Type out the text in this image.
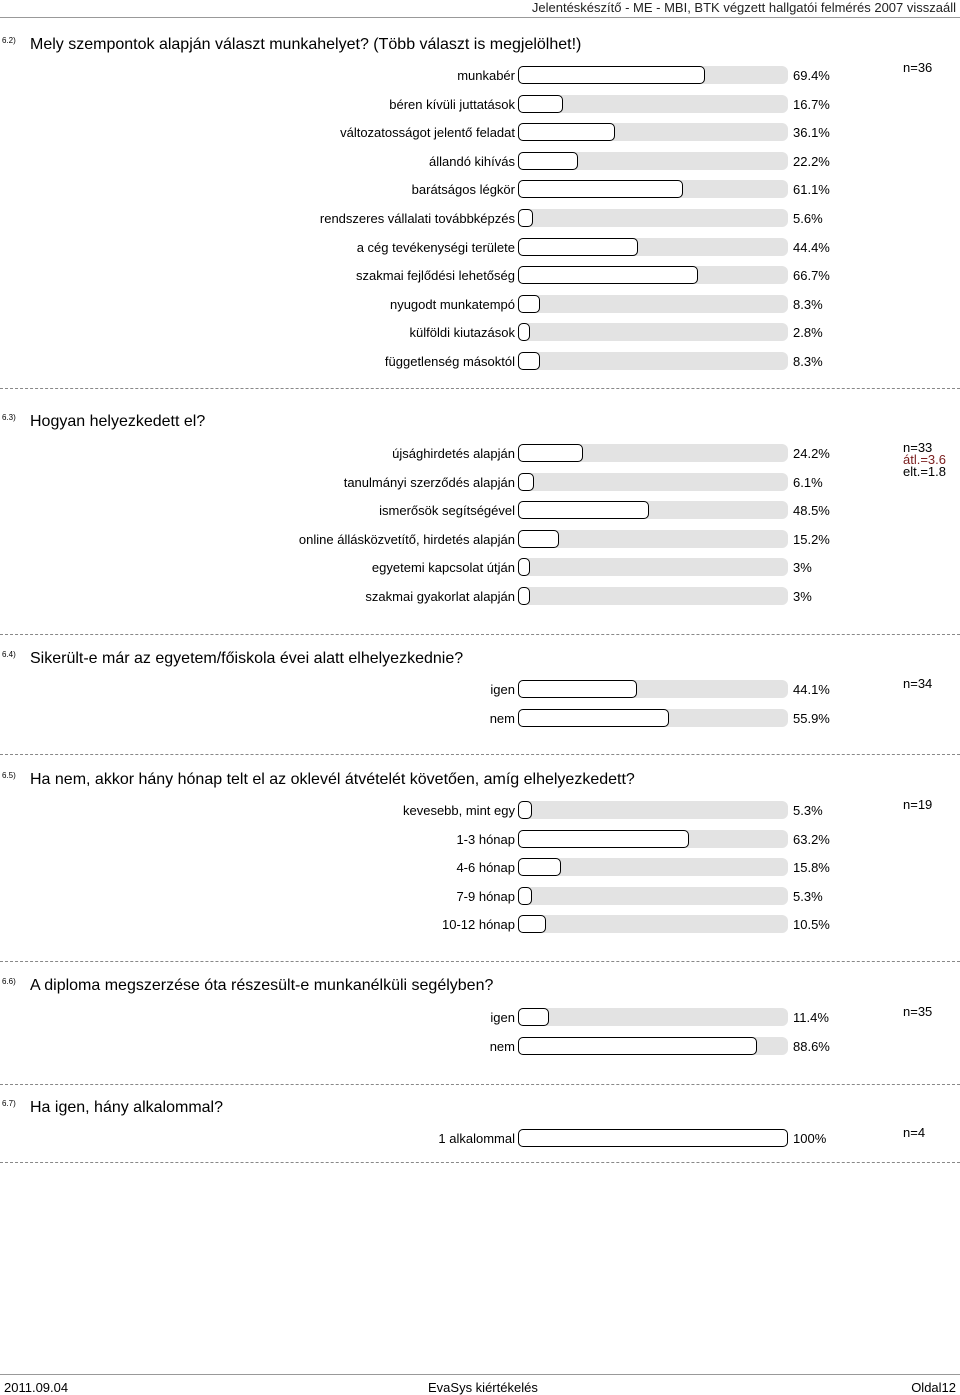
Jelentéskészítő - ME - MBI, BTK végzett hallgatói felmérés 2007 visszaáll
6.2) Mely szempontok alapján választ munkahelyet? (Több választ is megjelölhet!)
n=36
munkabér	69.4%
béren kívüli juttatások	16.7%
változatosságot jelentő feladat	36.1%
állandó kihívás	22.2%
barátságos légkör	61.1%
rendszeres vállalati továbbképzés	5.6%
a cég tevékenységi területe	44.4%
szakmai fejlődési lehetőség	66.7%
nyugodt munkatempó	8.3%
külföldi kiutazások	2.8%
függetlenség másoktól	8.3%
6.3) Hogyan helyezkedett el?
n=33
átl.=3.6
elt.=1.8
újsághirdetés alapján	24.2%
tanulmányi szerződés alapján	6.1%
ismerősök segítségével	48.5%
online állásközvetítő, hirdetés alapján	15.2%
egyetemi kapcsolat útján	3%
szakmai gyakorlat alapján	3%
6.4) Sikerült-e már az egyetem/főiskola évei alatt elhelyezkednie?
n=34
igen	44.1%
nem	55.9%
6.5) Ha nem, akkor hány hónap telt el az oklevél átvételét követően, amíg elhelyezkedett?
n=19
kevesebb, mint egy	5.3%
1-3 hónap	63.2%
4-6 hónap	15.8%
7-9 hónap	5.3%
10-12 hónap	10.5%
6.6) A diploma megszerzése óta részesült-e munkanélküli segélyben?
n=35
igen	11.4%
nem	88.6%
6.7) Ha igen, hány alkalommal?
n=4
1 alkalommal	100%
2011.09.04	EvaSys kiértékelés	Oldal12
